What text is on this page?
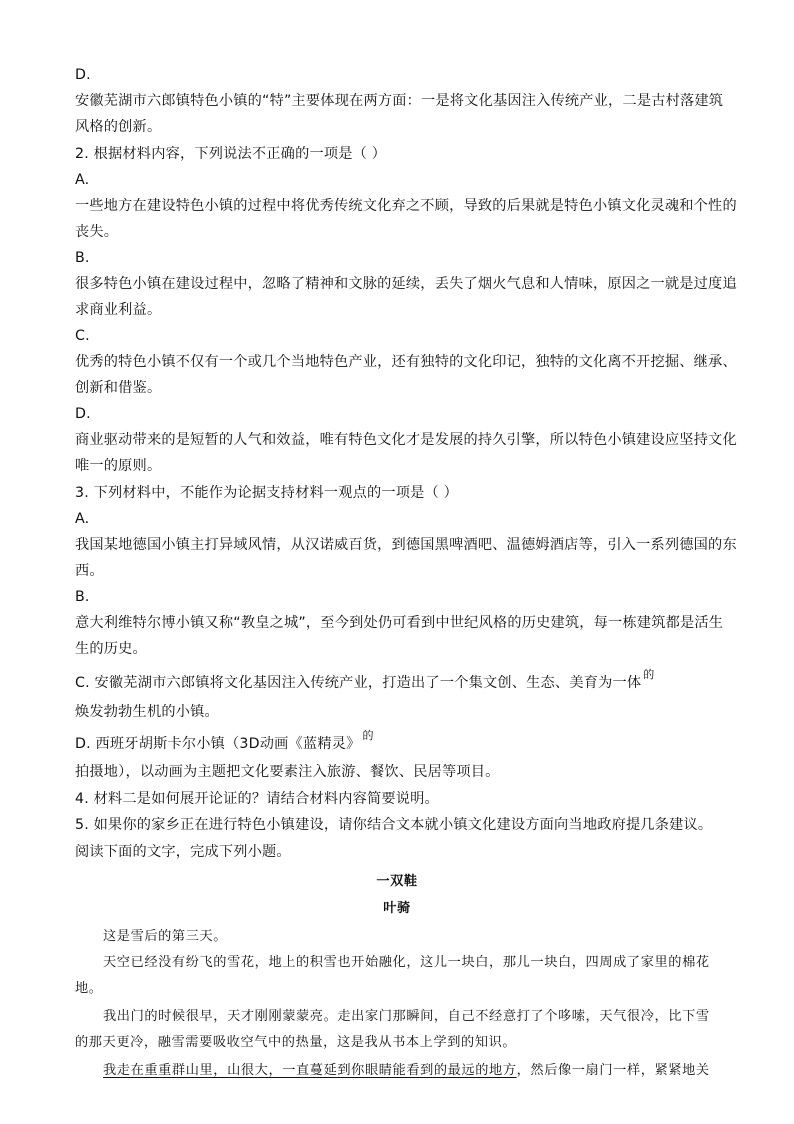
D.
安徽芜湖市六郎镇特色小镇的“特”主要体现在两方面：一是将文化基因注入传统产业，二是古村落建筑
风格的创新。
2. 根据材料内容，下列说法不正确的一项是（ ）
A.
一些地方在建设特色小镇的过程中将优秀传统文化弃之不顾，导致的后果就是特色小镇文化灵魂和个性的
丧失。
B.
很多特色小镇在建设过程中，忽略了精神和文脉的延续，丢失了烟火气息和人情味，原因之一就是过度追
求商业利益。
C.
优秀的特色小镇不仅有一个或几个当地特色产业，还有独特的文化印记，独特的文化离不开挖掘、继承、
创新和借鉴。
D.
商业驱动带来的是短暂的人气和效益，唯有特色文化才是发展的持久引擎，所以特色小镇建设应坚持文化
唯一的原则。
3. 下列材料中，不能作为论据支持材料一观点的一项是（ ）
A.
我国某地德国小镇主打异域风情，从汉诺威百货，到德国黑啤酒吧、温德姆酒店等，引入一系列德国的东
西。
B.
意大利维特尔博小镇又称“教皇之城”，至今到处仍可看到中世纪风格的历史建筑，每一栋建筑都是活生
生的历史。
C. 安徽芜湖市六郎镇将文化基因注入传统产业，打造出了一个集文创、生态、美育为一体$^的$
焕发勃勃生机的小镇。
D. 西班牙胡斯卡尔小镇（3D动画《蓝精灵》$^的$
拍摄地），以动画为主题把文化要素注入旅游、餐饮、民居等项目。
4. 材料二是如何展开论证的？请结合材料内容简要说明。
5. 如果你的家乡正在进行特色小镇建设，请你结合文本就小镇文化建设方面向当地政府提几条建议。
阅读下面的文字，完成下列小题。
一双鞋
叶骑
这是雪后的第三天。
天空已经没有纷飞的雪花，地上的积雪也开始融化，这儿一块白，那儿一块白，四周成了家里的棉花
地。
我出门的时候很早，天才刚刚蒙蒙亮。走出家门那瞬间，自己不经意打了个哆嗦，天气很冷，比下雪
的那天更冷，融雪需要吸收空气中的热量，这是我从书本上学到的知识。
我走在重重群山里，山很大，一直蔓延到你眼睛能看到的最远的地方，然后像一扇门一样，紧紧地关
